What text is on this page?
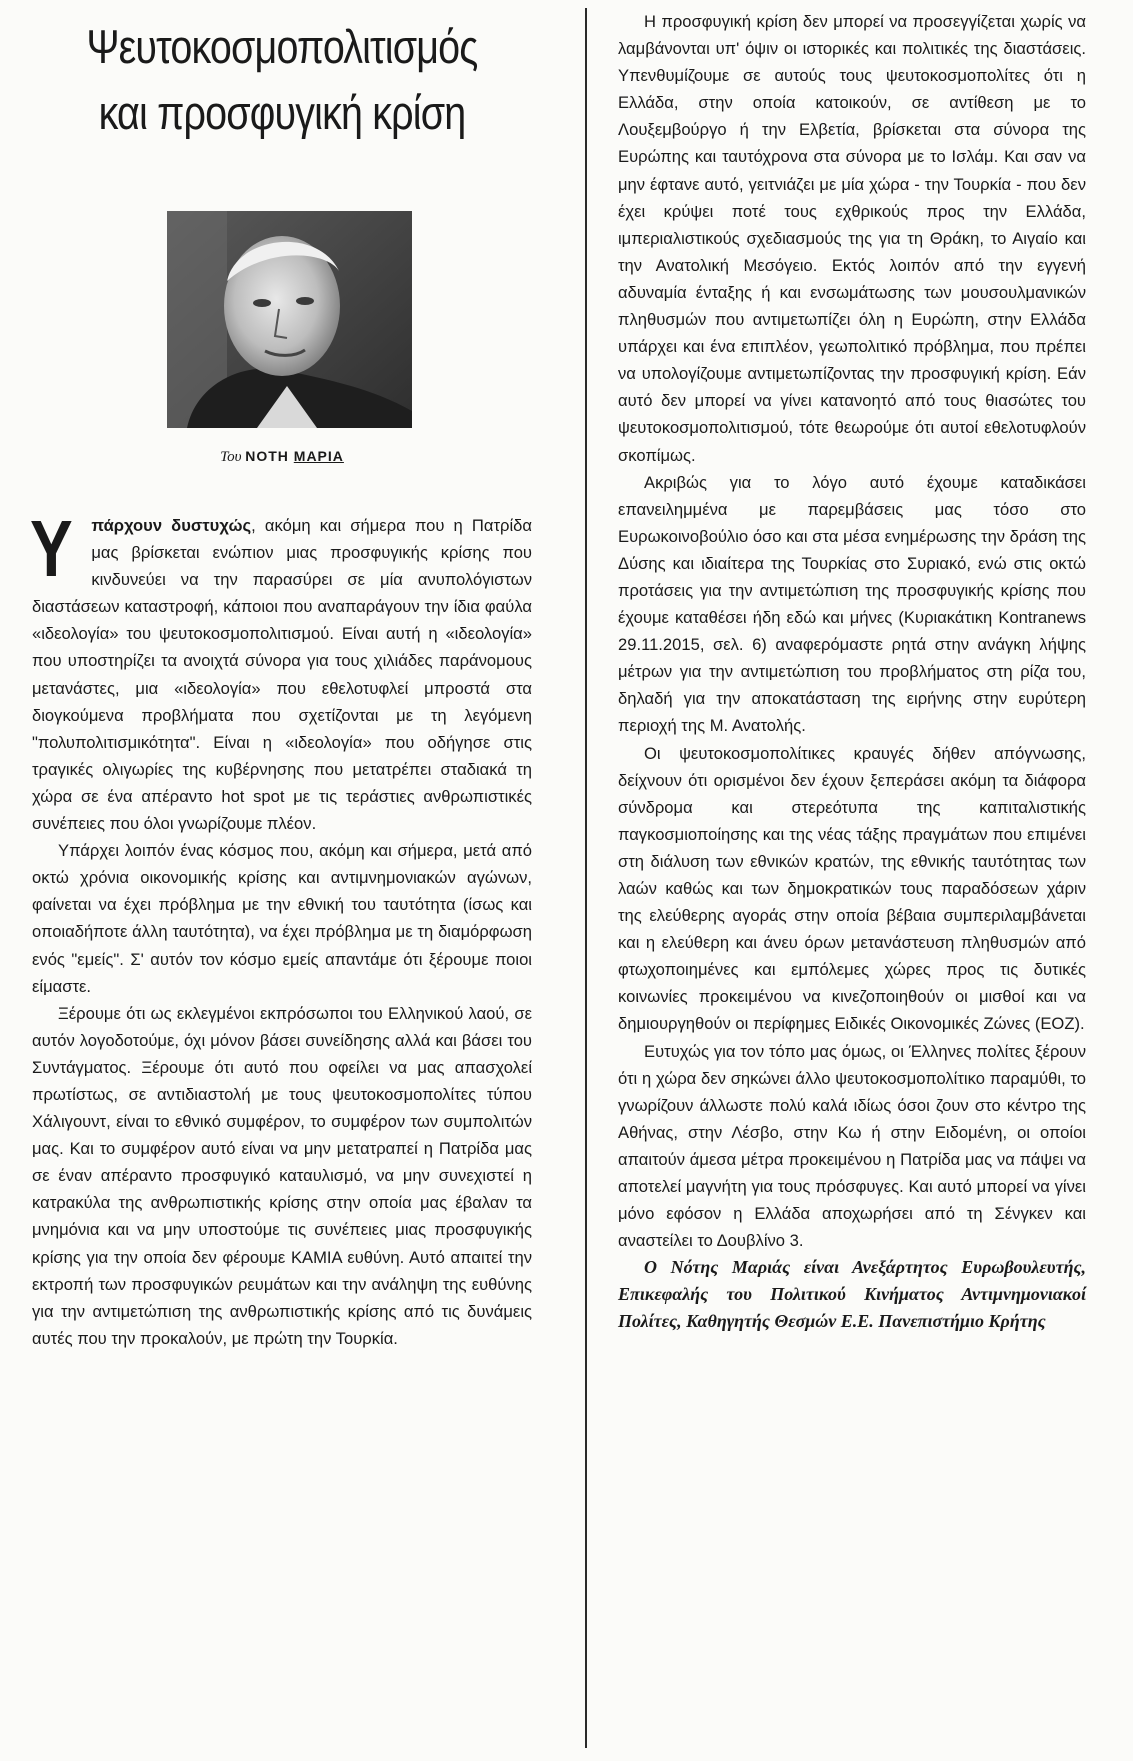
Ψευτοκοσμοπολιτισμός
και προσφυγική κρίση
Του ΝΟΤΗ ΜΑΡΙΑ

Υ πάρχουν δυστυχώς, ακόμη και σήμερα που η Πατρίδα μας βρίσκεται ενώπιον μιας προσφυγικής κρίσης που κινδυνεύει να την παρασύρει σε μία ανυπολόγιστων διαστάσεων καταστροφή, κάποιοι που αναπαράγουν την ίδια φαύλα «ιδεολογία» του ψευτοκοσμοπολιτισμού. Είναι αυτή η «ιδεολογία» που υποστηρίζει τα ανοιχτά σύνορα για τους χιλιάδες παράνομους μετανάστες, μια «ιδεολογία» που εθελοτυφλεί μπροστά στα διογκούμενα προβλήματα που σχετίζονται με τη λεγόμενη "πολυπολιτισμικότητα". Είναι η «ιδεολογία» που οδήγησε στις τραγικές ολιγωρίες της κυβέρνησης που μετατρέπει σταδιακά τη χώρα σε ένα απέραντο hot spot με τις τεράστιες ανθρωπιστικές συνέπειες που όλοι γνωρίζουμε πλέον.

Υπάρχει λοιπόν ένας κόσμος που, ακόμη και σήμερα, μετά από οκτώ χρόνια οικονομικής κρίσης και αντιμνημονιακών αγώνων, φαίνεται να έχει πρόβλημα με την εθνική του ταυτότητα (ίσως και οποιαδήποτε άλλη ταυτότητα), να έχει πρόβλημα με τη διαμόρφωση ενός "εμείς". Σ' αυτόν τον κόσμο εμείς απαντάμε ότι ξέρουμε ποιοι είμαστε.

Ξέρουμε ότι ως εκλεγμένοι εκπρόσωποι του Ελληνικού λαού, σε αυτόν λογοδοτούμε, όχι μόνον βάσει συνείδησης αλλά και βάσει του Συντάγματος. Ξέρουμε ότι αυτό που οφείλει να μας απασχολεί πρωτίστως, σε αντιδιαστολή με τους ψευτοκοσμοπολίτες τύπου Χάλιγουντ, είναι το εθνικό συμφέρον, το συμφέρον των συμπολιτών μας. Και το συμφέρον αυτό είναι να μην μετατραπεί η Πατρίδα μας σε έναν απέραντο προσφυγικό καταυλισμό, να μην συνεχιστεί η κατρακύλα της ανθρωπιστικής κρίσης στην οποία μας έβαλαν τα μνημόνια και να μην υποστούμε τις συνέπειες μιας προσφυγικής κρίσης για την οποία δεν φέρουμε ΚΑΜΙΑ ευθύνη. Αυτό απαιτεί την εκτροπή των προσφυγικών ρευμάτων και την ανάληψη της ευθύνης για την αντιμετώπιση της ανθρωπιστικής κρίσης από τις δυνάμεις αυτές που την προκαλούν, με πρώτη την Τουρκία.

Η προσφυγική κρίση δεν μπορεί να προσεγγίζεται χωρίς να λαμβάνονται υπ' όψιν οι ιστορικές και πολιτικές της διαστάσεις. Υπενθυμίζουμε σε αυτούς τους ψευτοκοσμοπολίτες ότι η Ελλάδα, στην οποία κατοικούν, σε αντίθεση με το Λουξεμβούργο ή την Ελβετία, βρίσκεται στα σύνορα της Ευρώπης και ταυτόχρονα στα σύνορα με το Ισλάμ. Και σαν να μην έφτανε αυτό, γειτνιάζει με μία χώρα - την Τουρκία - που δεν έχει κρύψει ποτέ τους εχθρικούς προς την Ελλάδα, ιμπεριαλιστικούς σχεδιασμούς της για τη Θράκη, το Αιγαίο και την Ανατολική Μεσόγειο. Εκτός λοιπόν από την εγγενή αδυναμία ένταξης ή και ενσωμάτωσης των μουσουλμανικών πληθυσμών που αντιμετωπίζει όλη η Ευρώπη, στην Ελλάδα υπάρχει και ένα επιπλέον, γεωπολιτικό πρόβλημα, που πρέπει να υπολογίζουμε αντιμετωπίζοντας την προσφυγική κρίση. Εάν αυτό δεν μπορεί να γίνει κατανοητό από τους θιασώτες του ψευτοκοσμοπολιτισμού, τότε θεωρούμε ότι αυτοί εθελοτυφλούν σκοπίμως.

Ακριβώς για το λόγο αυτό έχουμε καταδικάσει επανειλημμένα με παρεμβάσεις μας τόσο στο Ευρωκοινοβούλιο όσο και στα μέσα ενημέρωσης την δράση της Δύσης και ιδιαίτερα της Τουρκίας στο Συριακό, ενώ στις οκτώ προτάσεις για την αντιμετώπιση της προσφυγικής κρίσης που έχουμε καταθέσει ήδη εδώ και μήνες (Κυριακάτικη Kontranews 29.11.2015, σελ. 6) αναφερόμαστε ρητά στην ανάγκη λήψης μέτρων για την αντιμετώπιση του προβλήματος στη ρίζα του, δηλαδή για την αποκατάσταση της ειρήνης στην ευρύτερη περιοχή της Μ. Ανατολής.

Οι ψευτοκοσμοπολίτικες κραυγές δήθεν απόγνωσης, δείχνουν ότι ορισμένοι δεν έχουν ξεπεράσει ακόμη τα διάφορα σύνδρομα και στερεότυπα της καπιταλιστικής παγκοσμιοποίησης και της νέας τάξης πραγμάτων που επιμένει στη διάλυση των εθνικών κρατών, της εθνικής ταυτότητας των λαών καθώς και των δημοκρατικών τους παραδόσεων χάριν της ελεύθερης αγοράς στην οποία βέβαια συμπεριλαμβάνεται και η ελεύθερη και άνευ όρων μετανάστευση πληθυσμών από φτωχοποιημένες και εμπόλεμες χώρες προς τις δυτικές κοινωνίες προκειμένου να κινεζοποιηθούν οι μισθοί και να δημιουργηθούν οι περίφημες Ειδικές Οικονομικές Ζώνες (ΕΟΖ).

Ευτυχώς για τον τόπο μας όμως, οι Έλληνες πολίτες ξέρουν ότι η χώρα δεν σηκώνει άλλο ψευτοκοσμοπολίτικο παραμύθι, το γνωρίζουν άλλωστε πολύ καλά ιδίως όσοι ζουν στο κέντρο της Αθήνας, στην Λέσβο, στην Κω ή στην Ειδομένη, οι οποίοι απαιτούν άμεσα μέτρα προκειμένου η Πατρίδα μας να πάψει να αποτελεί μαγνήτη για τους πρόσφυγες. Και αυτό μπορεί να γίνει μόνο εφόσον η Ελλάδα αποχωρήσει από τη Σένγκεν και αναστείλει το Δουβλίνο 3.

Ο Νότης Μαριάς είναι Ανεξάρτητος Ευρωβουλευτής, Επικεφαλής του Πολιτικού Κινήματος Αντιμνημονιακοί Πολίτες, Καθηγητής Θεσμών Ε.Ε. Πανεπιστήμιο Κρήτης
